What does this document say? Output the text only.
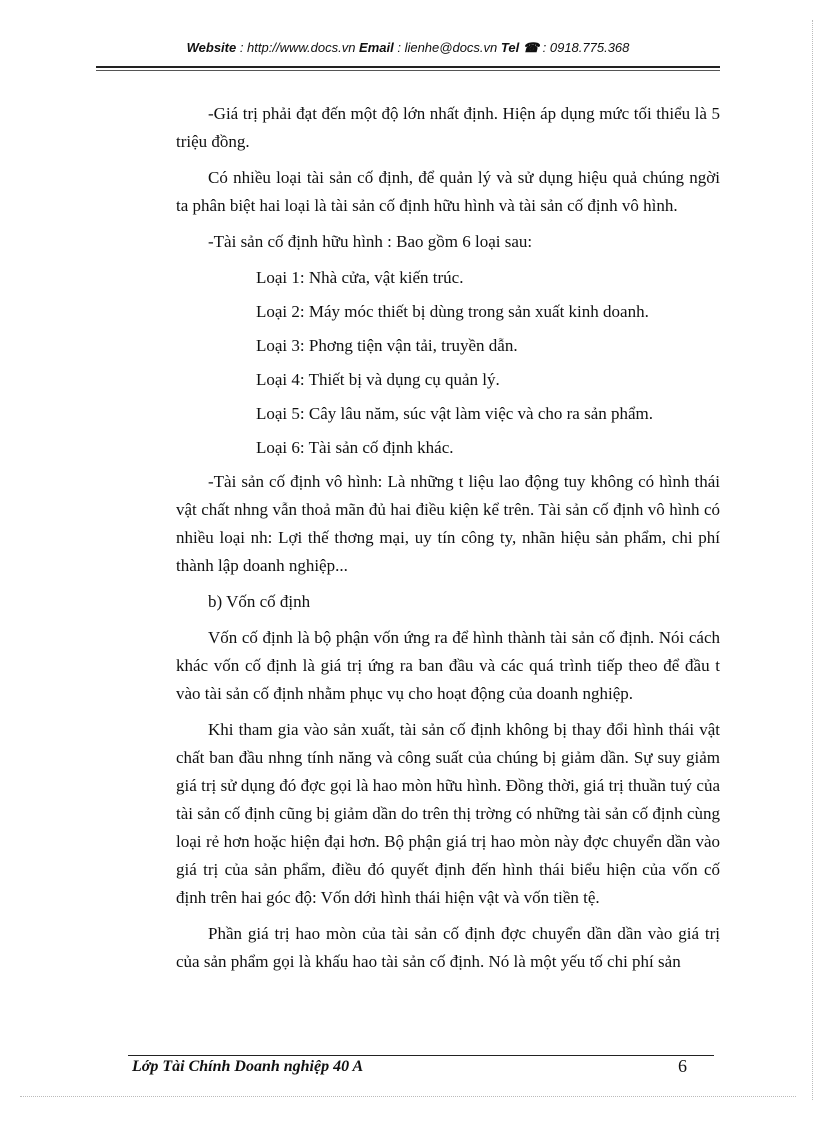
Website : http://www.docs.vn Email : lienhe@docs.vn Tel ☎ : 0918.775.368

-Giá trị phải đạt đến một độ lớn nhất định. Hiện áp dụng mức tối thiểu là 5 triệu đồng.

Có nhiều loại tài sản cố định, để quản lý và sử dụng hiệu quả chúng ngời ta phân biệt hai loại là tài sản cố định hữu hình và tài sản cố định vô hình.

-Tài sản cố định hữu hình : Bao gồm 6 loại sau:

Loại 1: Nhà cửa, vật kiến trúc.
Loại 2: Máy móc thiết bị dùng trong sản xuất kinh doanh.
Loại 3: Phơng tiện vận tải, truyền dẫn.
Loại 4: Thiết bị và dụng cụ quản lý.
Loại 5: Cây lâu năm, súc vật làm việc và cho ra sản phẩm.
Loại 6: Tài sản cố định khác.

-Tài sản cố định vô hình: Là những t liệu lao động tuy không có hình thái vật chất nhng vẫn thoả mãn đủ hai điều kiện kể trên. Tài sản cố định vô hình có nhiều loại nh: Lợi thế thơng mại, uy tín công ty, nhãn hiệu sản phẩm, chi phí thành lập doanh nghiệp...

b) Vốn cố định

Vốn cố định là bộ phận vốn ứng ra để hình thành tài sản cố định. Nói cách khác vốn cố định là giá trị ứng ra ban đầu và các quá trình tiếp theo để đầu t vào tài sản cố định nhằm phục vụ cho hoạt động của doanh nghiệp.

Khi tham gia vào sản xuất, tài sản cố định không bị thay đổi hình thái vật chất ban đầu nhng tính năng và công suất của chúng bị giảm dần. Sự suy giảm giá trị sử dụng đó đợc gọi là hao mòn hữu hình. Đồng thời, giá trị thuần tuý của tài sản cố định cũng bị giảm dần do trên thị trờng có những tài sản cố định cùng loại rẻ hơn hoặc hiện đại hơn. Bộ phận giá trị hao mòn này đợc chuyển dần vào giá trị của sản phẩm, điều đó quyết định đến hình thái biểu hiện của vốn cố định trên hai góc độ: Vốn dới hình thái hiện vật và vốn tiền tệ.

Phần giá trị hao mòn của tài sản cố định đợc chuyển dần dần vào giá trị của sản phẩm gọi là khấu hao tài sản cố định. Nó là một yếu tố chi phí sản

Lớp Tài Chính Doanh nghiệp 40 A	6
